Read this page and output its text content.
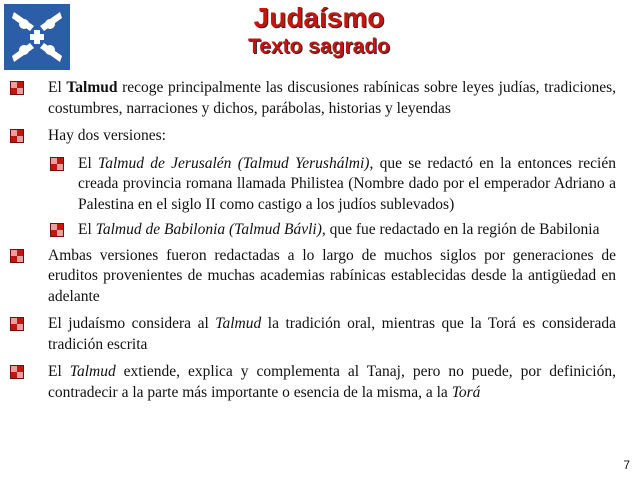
Judaísmo
Texto sagrado
El Talmud recoge principalmente las discusiones rabínicas sobre leyes judías, tradiciones, costumbres, narraciones y dichos, parábolas, historias y leyendas
Hay dos versiones:
El Talmud de Jerusalén (Talmud Yerushálmi), que se redactó en la entonces recién creada provincia romana llamada Philistea (Nombre dado por el emperador Adriano a Palestina en el siglo II como castigo a los judíos sublevados)
El Talmud de Babilonia (Talmud Bávli), que fue redactado en la región de Babilonia
Ambas versiones fueron redactadas a lo largo de muchos siglos por generaciones de eruditos provenientes de muchas academias rabínicas establecidas desde la antigüedad en adelante
El judaísmo considera al Talmud la tradición oral, mientras que la Torá es considerada tradición escrita
El Talmud extiende, explica y complementa al Tanaj, pero no puede, por definición, contradecir a la parte más importante o esencia de la misma, a la Torá
7
